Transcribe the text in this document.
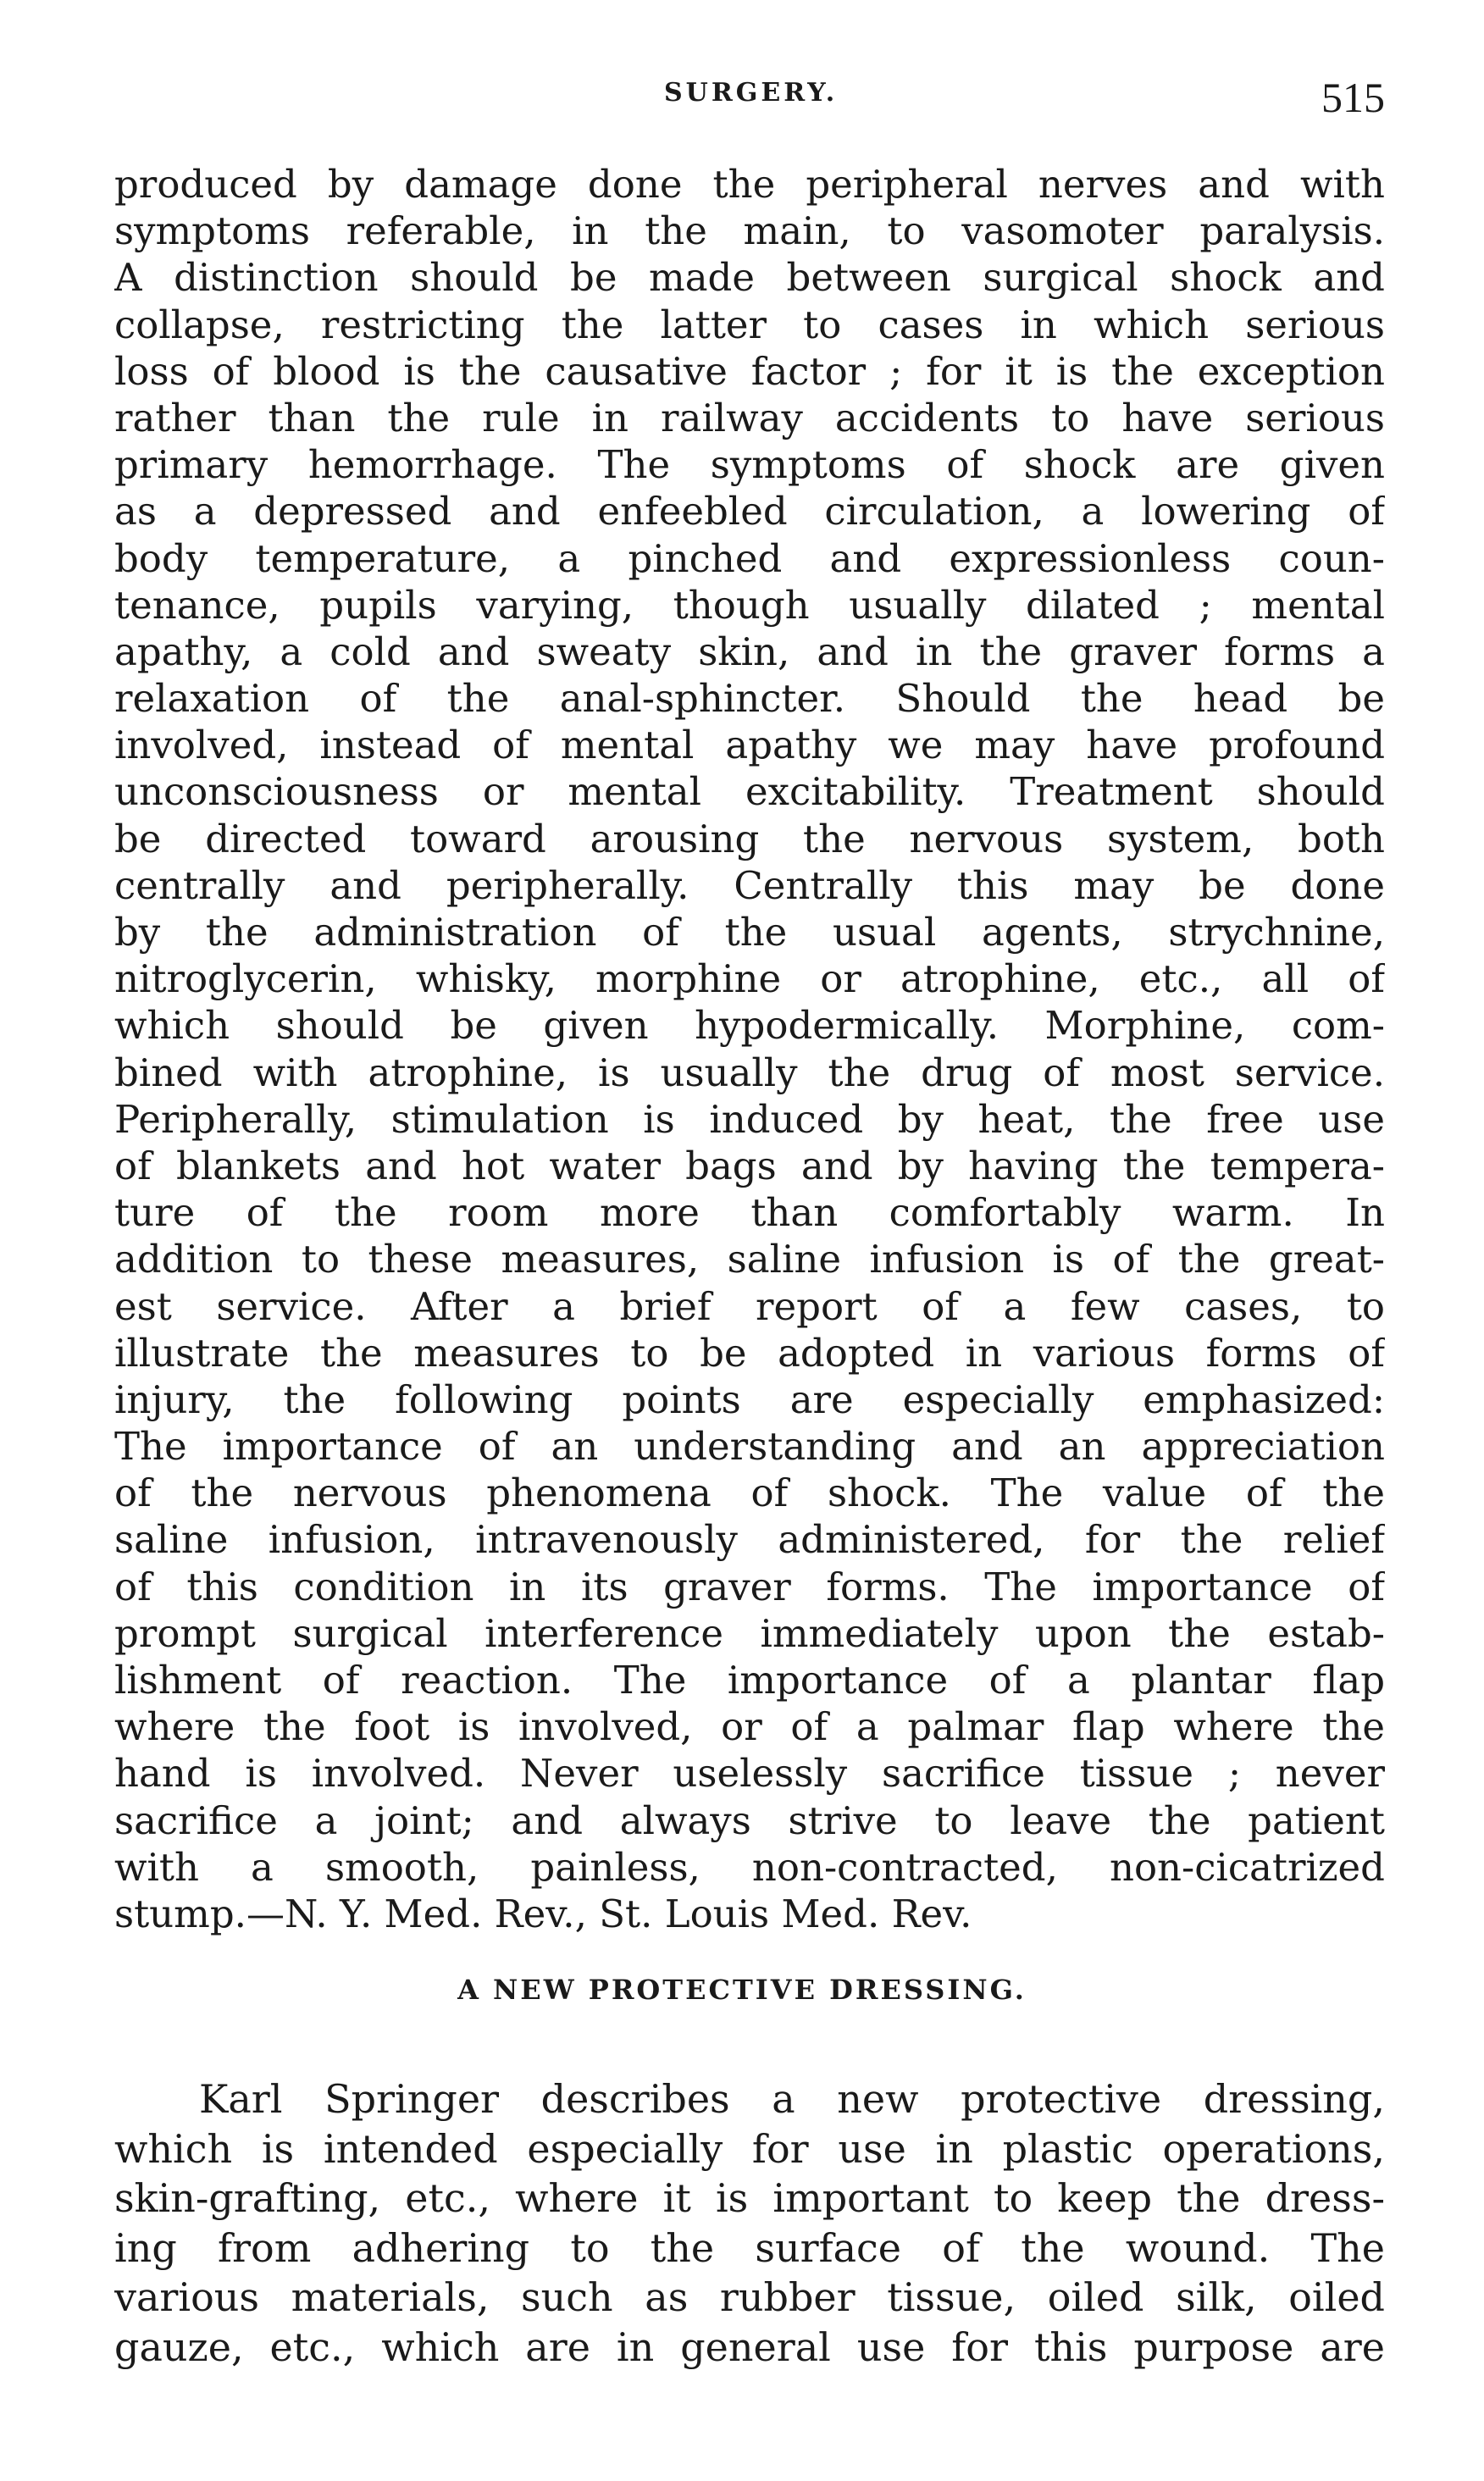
SURGERY.	515
produced by damage done the peripheral nerves and with
symptoms referable, in the main, to vasomoter paralysis.
A distinction should be made between surgical shock and
collapse, restricting the latter to cases in which serious
loss of blood is the causative factor ; for it is the exception
rather than the rule in railway accidents to have serious
primary hemorrhage. The symptoms of shock are given
as a depressed and enfeebled circulation, a lowering of
body temperature, a pinched and expressionless coun-
tenance, pupils varying, though usually dilated ; mental
apathy, a cold and sweaty skin, and in the graver forms a
relaxation of the anal-sphincter. Should the head be
involved, instead of mental apathy we may have profound
unconsciousness or mental excitability. Treatment should
be directed toward arousing the nervous system, both
centrally and peripherally. Centrally this may be done
by the administration of the usual agents, strychnine,
nitroglycerin, whisky, morphine or atrophine, etc., all of
which should be given hypodermically. Morphine, com-
bined with atrophine, is usually the drug of most service.
Peripherally, stimulation is induced by heat, the free use
of blankets and hot water bags and by having the tempera-
ture of the room more than comfortably warm. In
addition to these measures, saline infusion is of the great-
est service. After a brief report of a few cases, to
illustrate the measures to be adopted in various forms of
injury, the following points are especially emphasized:
The importance of an understanding and an appreciation
of the nervous phenomena of shock. The value of the
saline infusion, intravenously administered, for the relief
of this condition in its graver forms. The importance of
prompt surgical interference immediately upon the estab-
lishment of reaction. The importance of a plantar flap
where the foot is involved, or of a palmar flap where the
hand is involved. Never uselessly sacrifice tissue ; never
sacrifice a joint; and always strive to leave the patient
with a smooth, painless, non-contracted, non-cicatrized
stump.—N. Y. Med. Rev., St. Louis Med. Rev.
A NEW PROTECTIVE DRESSING.
Karl Springer describes a new protective dressing,
which is intended especially for use in plastic operations,
skin-grafting, etc., where it is important to keep the dress-
ing from adhering to the surface of the wound. The
various materials, such as rubber tissue, oiled silk, oiled
gauze, etc., which are in general use for this purpose are
